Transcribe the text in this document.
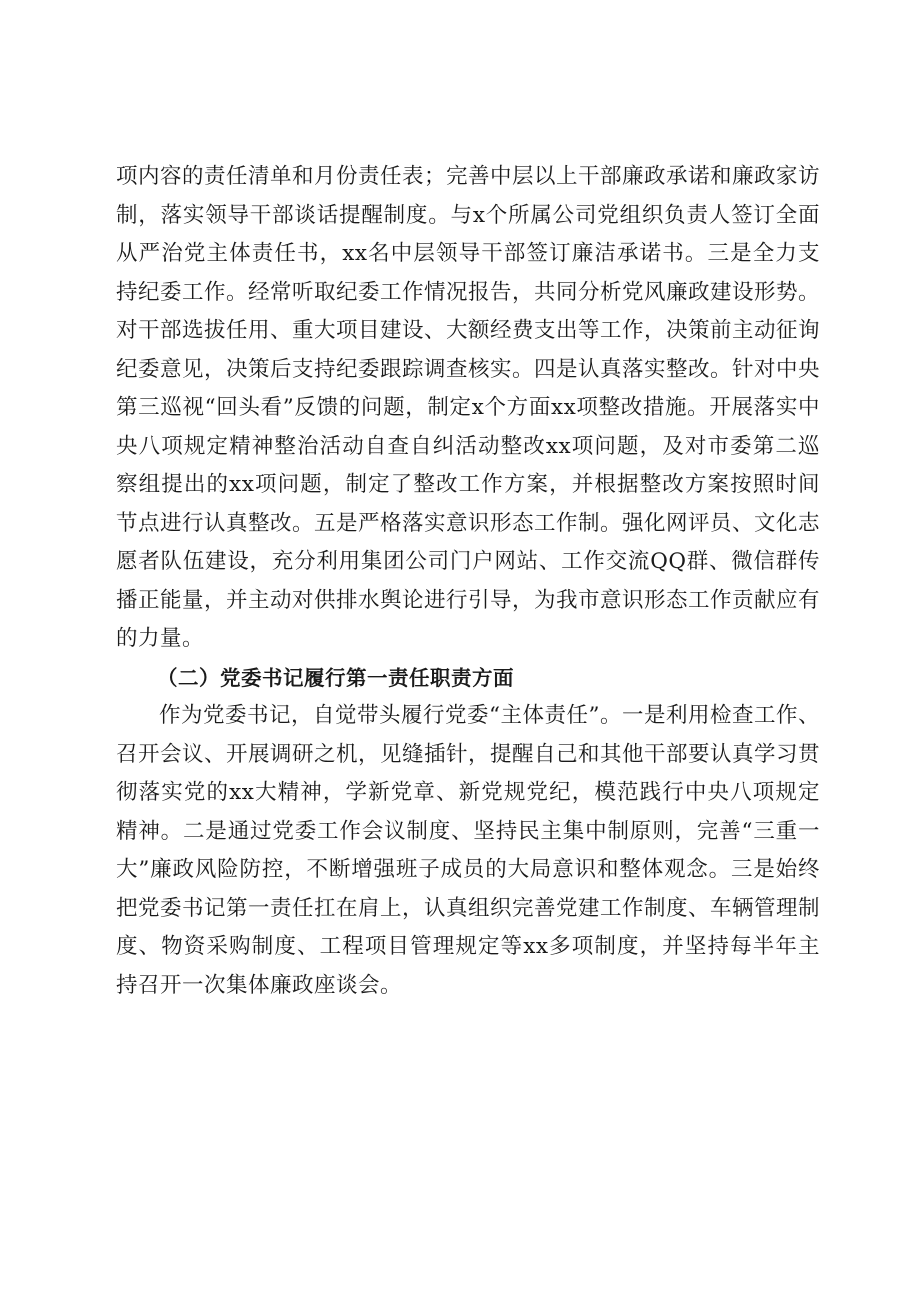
项内容的责任清单和月份责任表；完善中层以上干部廉政承诺和廉政家访制，落实领导干部谈话提醒制度。与x个所属公司党组织负责人签订全面从严治党主体责任书，xx名中层领导干部签订廉洁承诺书。三是全力支持纪委工作。经常听取纪委工作情况报告，共同分析党风廉政建设形势。对干部选拔任用、重大项目建设、大额经费支出等工作，决策前主动征询纪委意见，决策后支持纪委跟踪调查核实。四是认真落实整改。针对中央第三巡视“回头看”反馈的问题，制定x个方面xx项整改措施。开展落实中央八项规定精神整治活动自查自纠活动整改xx项问题，及对市委第二巡察组提出的xx项问题，制定了整改工作方案，并根据整改方案按照时间节点进行认真整改。五是严格落实意识形态工作制。强化网评员、文化志愿者队伍建设，充分利用集团公司门户网站、工作交流QQ群、微信群传播正能量，并主动对供排水舆论进行引导，为我市意识形态工作贡献应有的力量。

（二）党委书记履行第一责任职责方面

作为党委书记，自觉带头履行党委“主体责任”。一是利用检查工作、召开会议、开展调研之机，见缝插针，提醒自己和其他干部要认真学习贯彻落实党的xx大精神，学新党章、新党规党纪，模范践行中央八项规定精神。二是通过党委工作会议制度、坚持民主集中制原则，完善“三重一大”廉政风险防控，不断增强班子成员的大局意识和整体观念。三是始终把党委书记第一责任扛在肩上，认真组织完善党建工作制度、车辆管理制度、物资采购制度、工程项目管理规定等xx多项制度，并坚持每半年主持召开一次集体廉政座谈会。
